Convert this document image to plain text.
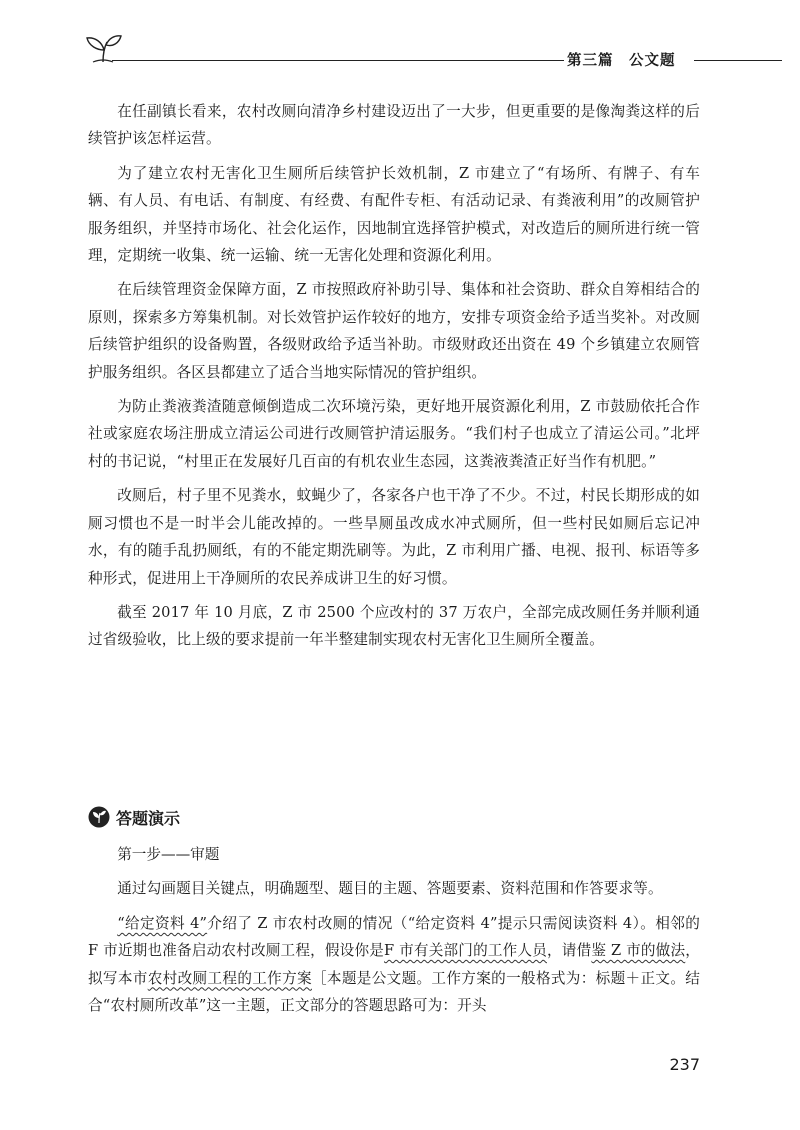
第三篇　公文题

在任副镇长看来，农村改厕向清净乡村建设迈出了一大步，但更重要的是像淘粪这样的后续管护该怎样运营。

为了建立农村无害化卫生厕所后续管护长效机制，Z 市建立了“有场所、有牌子、有车辆、有人员、有电话、有制度、有经费、有配件专柜、有活动记录、有粪液利用”的改厕管护服务组织，并坚持市场化、社会化运作，因地制宜选择管护模式，对改造后的厕所进行统一管理，定期统一收集、统一运输、统一无害化处理和资源化利用。

在后续管理资金保障方面，Z 市按照政府补助引导、集体和社会资助、群众自筹相结合的原则，探索多方筹集机制。对长效管护运作较好的地方，安排专项资金给予适当奖补。对改厕后续管护组织的设备购置，各级财政给予适当补助。市级财政还出资在 49 个乡镇建立农厕管护服务组织。各区县都建立了适合当地实际情况的管护组织。

为防止粪液粪渣随意倾倒造成二次环境污染，更好地开展资源化利用，Z 市鼓励依托合作社或家庭农场注册成立清运公司进行改厕管护清运服务。“我们村子也成立了清运公司。”北坪村的书记说，“村里正在发展好几百亩的有机农业生态园，这粪液粪渣正好当作有机肥。”

改厕后，村子里不见粪水，蚊蝇少了，各家各户也干净了不少。不过，村民长期形成的如厕习惯也不是一时半会儿能改掉的。一些旱厕虽改成水冲式厕所，但一些村民如厕后忘记冲水，有的随手乱扔厕纸，有的不能定期洗刷等。为此，Z 市利用广播、电视、报刊、标语等多种形式，促进用上干净厕所的农民养成讲卫生的好习惯。

截至 2017 年 10 月底，Z 市 2500 个应改村的 37 万农户，全部完成改厕任务并顺利通过省级验收，比上级的要求提前一年半整建制实现农村无害化卫生厕所全覆盖。

答题演示

第一步——审题

通过勾画题目关键点，明确题型、题目的主题、答题要素、资料范围和作答要求等。

“给定资料 4”介绍了 Z 市农村改厕的情况（“给定资料 4”提示只需阅读资料 4）。相邻的 F 市近期也准备启动农村改厕工程，假设你是F 市有关部门的工作人员，请借鉴 Z 市的做法，拟写本市农村改厕工程的工作方案［本题是公文题。工作方案的一般格式为：标题＋正文。结合“农村厕所改革”这一主题，正文部分的答题思路可为：开头

237
